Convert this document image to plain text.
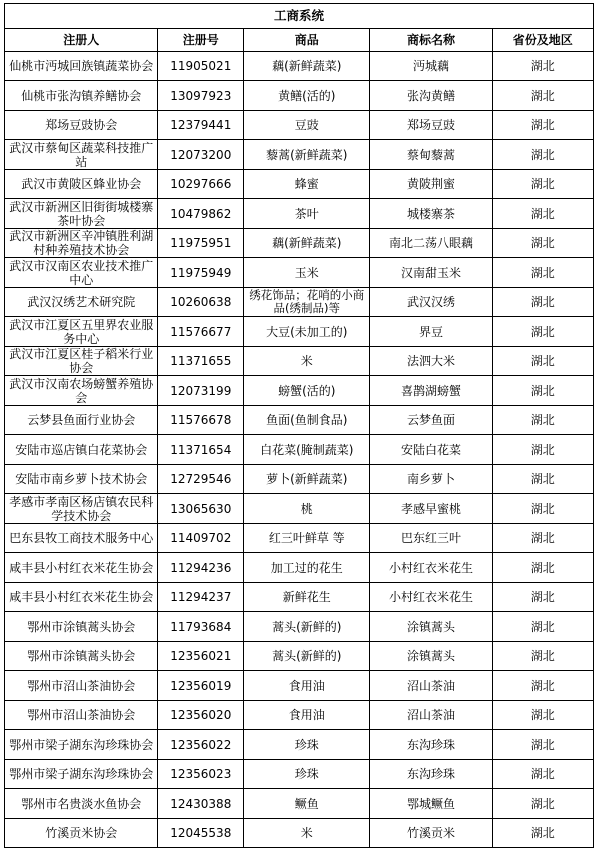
工商系统				
注册人	注册号	商品	商标名称	省份及地区
仙桃市沔城回族镇蔬菜协会	11905021	藕(新鲜蔬菜)	沔城藕	湖北
仙桃市张沟镇养鳝协会	13097923	黄鳝(活的)	张沟黄鳝	湖北
郑场豆豉协会	12379441	豆豉	郑场豆豉	湖北
武汉市蔡甸区蔬菜科技推广站	12073200	藜蒿(新鲜蔬菜)	蔡甸藜蒿	湖北
武汉市黄陂区蜂业协会	10297666	蜂蜜	黄陂荆蜜	湖北
武汉市新洲区旧街街城楼寨茶叶协会	10479862	茶叶	城楼寨茶	湖北
武汉市新洲区辛冲镇胜利湖村种养殖技术协会	11975951	藕(新鲜蔬菜)	南北二荡八眼藕	湖北
武汉市汉南区农业技术推广中心	11975949	玉米	汉南甜玉米	湖北
武汉汉绣艺术研究院	10260638	绣花饰品；花哨的小商品(绣制品)等	武汉汉绣	湖北
武汉市江夏区五里界农业服务中心	11576677	大豆(未加工的)	界豆	湖北
武汉市江夏区桂子稻米行业协会	11371655	米	法泗大米	湖北
武汉市汉南农场螃蟹养殖协会	12073199	螃蟹(活的)	喜鹊湖螃蟹	湖北
云梦县鱼面行业协会	11576678	鱼面(鱼制食品)	云梦鱼面	湖北
安陆市巡店镇白花菜协会	11371654	白花菜(腌制蔬菜)	安陆白花菜	湖北
安陆市南乡萝卜技术协会	12729546	萝卜(新鲜蔬菜)	南乡萝卜	湖北
孝感市孝南区杨店镇农民科学技术协会	13065630	桃	孝感早蜜桃	湖北
巴东县牧工商技术服务中心	11409702	红三叶鲜草 等	巴东红三叶	湖北
咸丰县小村红衣米花生协会	11294236	加工过的花生	小村红衣米花生	湖北
咸丰县小村红衣米花生协会	11294237	新鲜花生	小村红衣米花生	湖北
鄂州市涂镇蒿头协会	11793684	蒿头(新鲜的)	涂镇蒿头	湖北
鄂州市涂镇蒿头协会	12356021	蒿头(新鲜的)	涂镇蒿头	湖北
鄂州市沼山茶油协会	12356019	食用油	沼山茶油	湖北
鄂州市沼山茶油协会	12356020	食用油	沼山茶油	湖北
鄂州市梁子湖东沟珍珠协会	12356022	珍珠	东沟珍珠	湖北
鄂州市梁子湖东沟珍珠协会	12356023	珍珠	东沟珍珠	湖北
鄂州市名贵淡水鱼协会	12430388	鳜鱼	鄂城鳜鱼	湖北
竹溪贡米协会	12045538	米	竹溪贡米	湖北
